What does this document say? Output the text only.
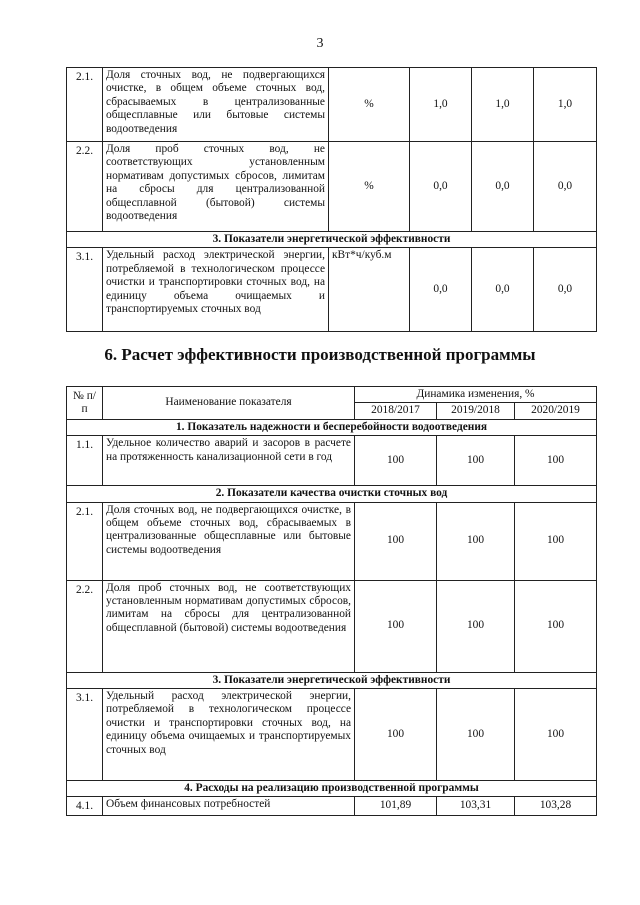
3
2.1.	Доля сточных вод, не подвергающихся очистке, в общем объеме сточных вод, сбрасываемых в централизованные общесплавные или бытовые системы водоотведения	%	1,0	1,0	1,0
2.2.	Доля проб сточных вод, не соответствующих установленным нормативам допустимых сбросов, лимитам на сбросы для централизованной общесплавной (бытовой) системы водоотведения	%	0,0	0,0	0,0
3. Показатели энергетической эффективности					
3.1.	Удельный расход электрической энергии, потребляемой в технологическом процессе очистки и транспортировки сточных вод, на единицу объема очищаемых и транспортируемых сточных вод	кВт*ч/куб.м	0,0	0,0	0,0
6. Расчет эффективности производственной программы
№ п/п	Наименование показателя	Динамика изменения, %		
		2018/2017	2019/2018	2020/2019
1. Показатель надежности и бесперебойности водоотведения				
1.1.	Удельное количество аварий и засоров в расчете на протяженность канализационной сети в год	100	100	100
2. Показатели качества очистки сточных вод				
2.1.	Доля сточных вод, не подвергающихся очистке, в общем объеме сточных вод, сбрасываемых в централизованные общесплавные или бытовые системы водоотведения	100	100	100
2.2.	Доля проб сточных вод, не соответствующих установленным нормативам допустимых сбросов, лимитам на сбросы для централизованной общесплавной (бытовой) системы водоотведения	100	100	100
3. Показатели энергетической эффективности				
3.1.	Удельный расход электрической энергии, потребляемой в технологическом процессе очистки и транспортировки сточных вод, на единицу объема очищаемых и транспортируемых сточных вод	100	100	100
4. Расходы на реализацию производственной программы				
4.1.	Объем финансовых потребностей	101,89	103,31	103,28
